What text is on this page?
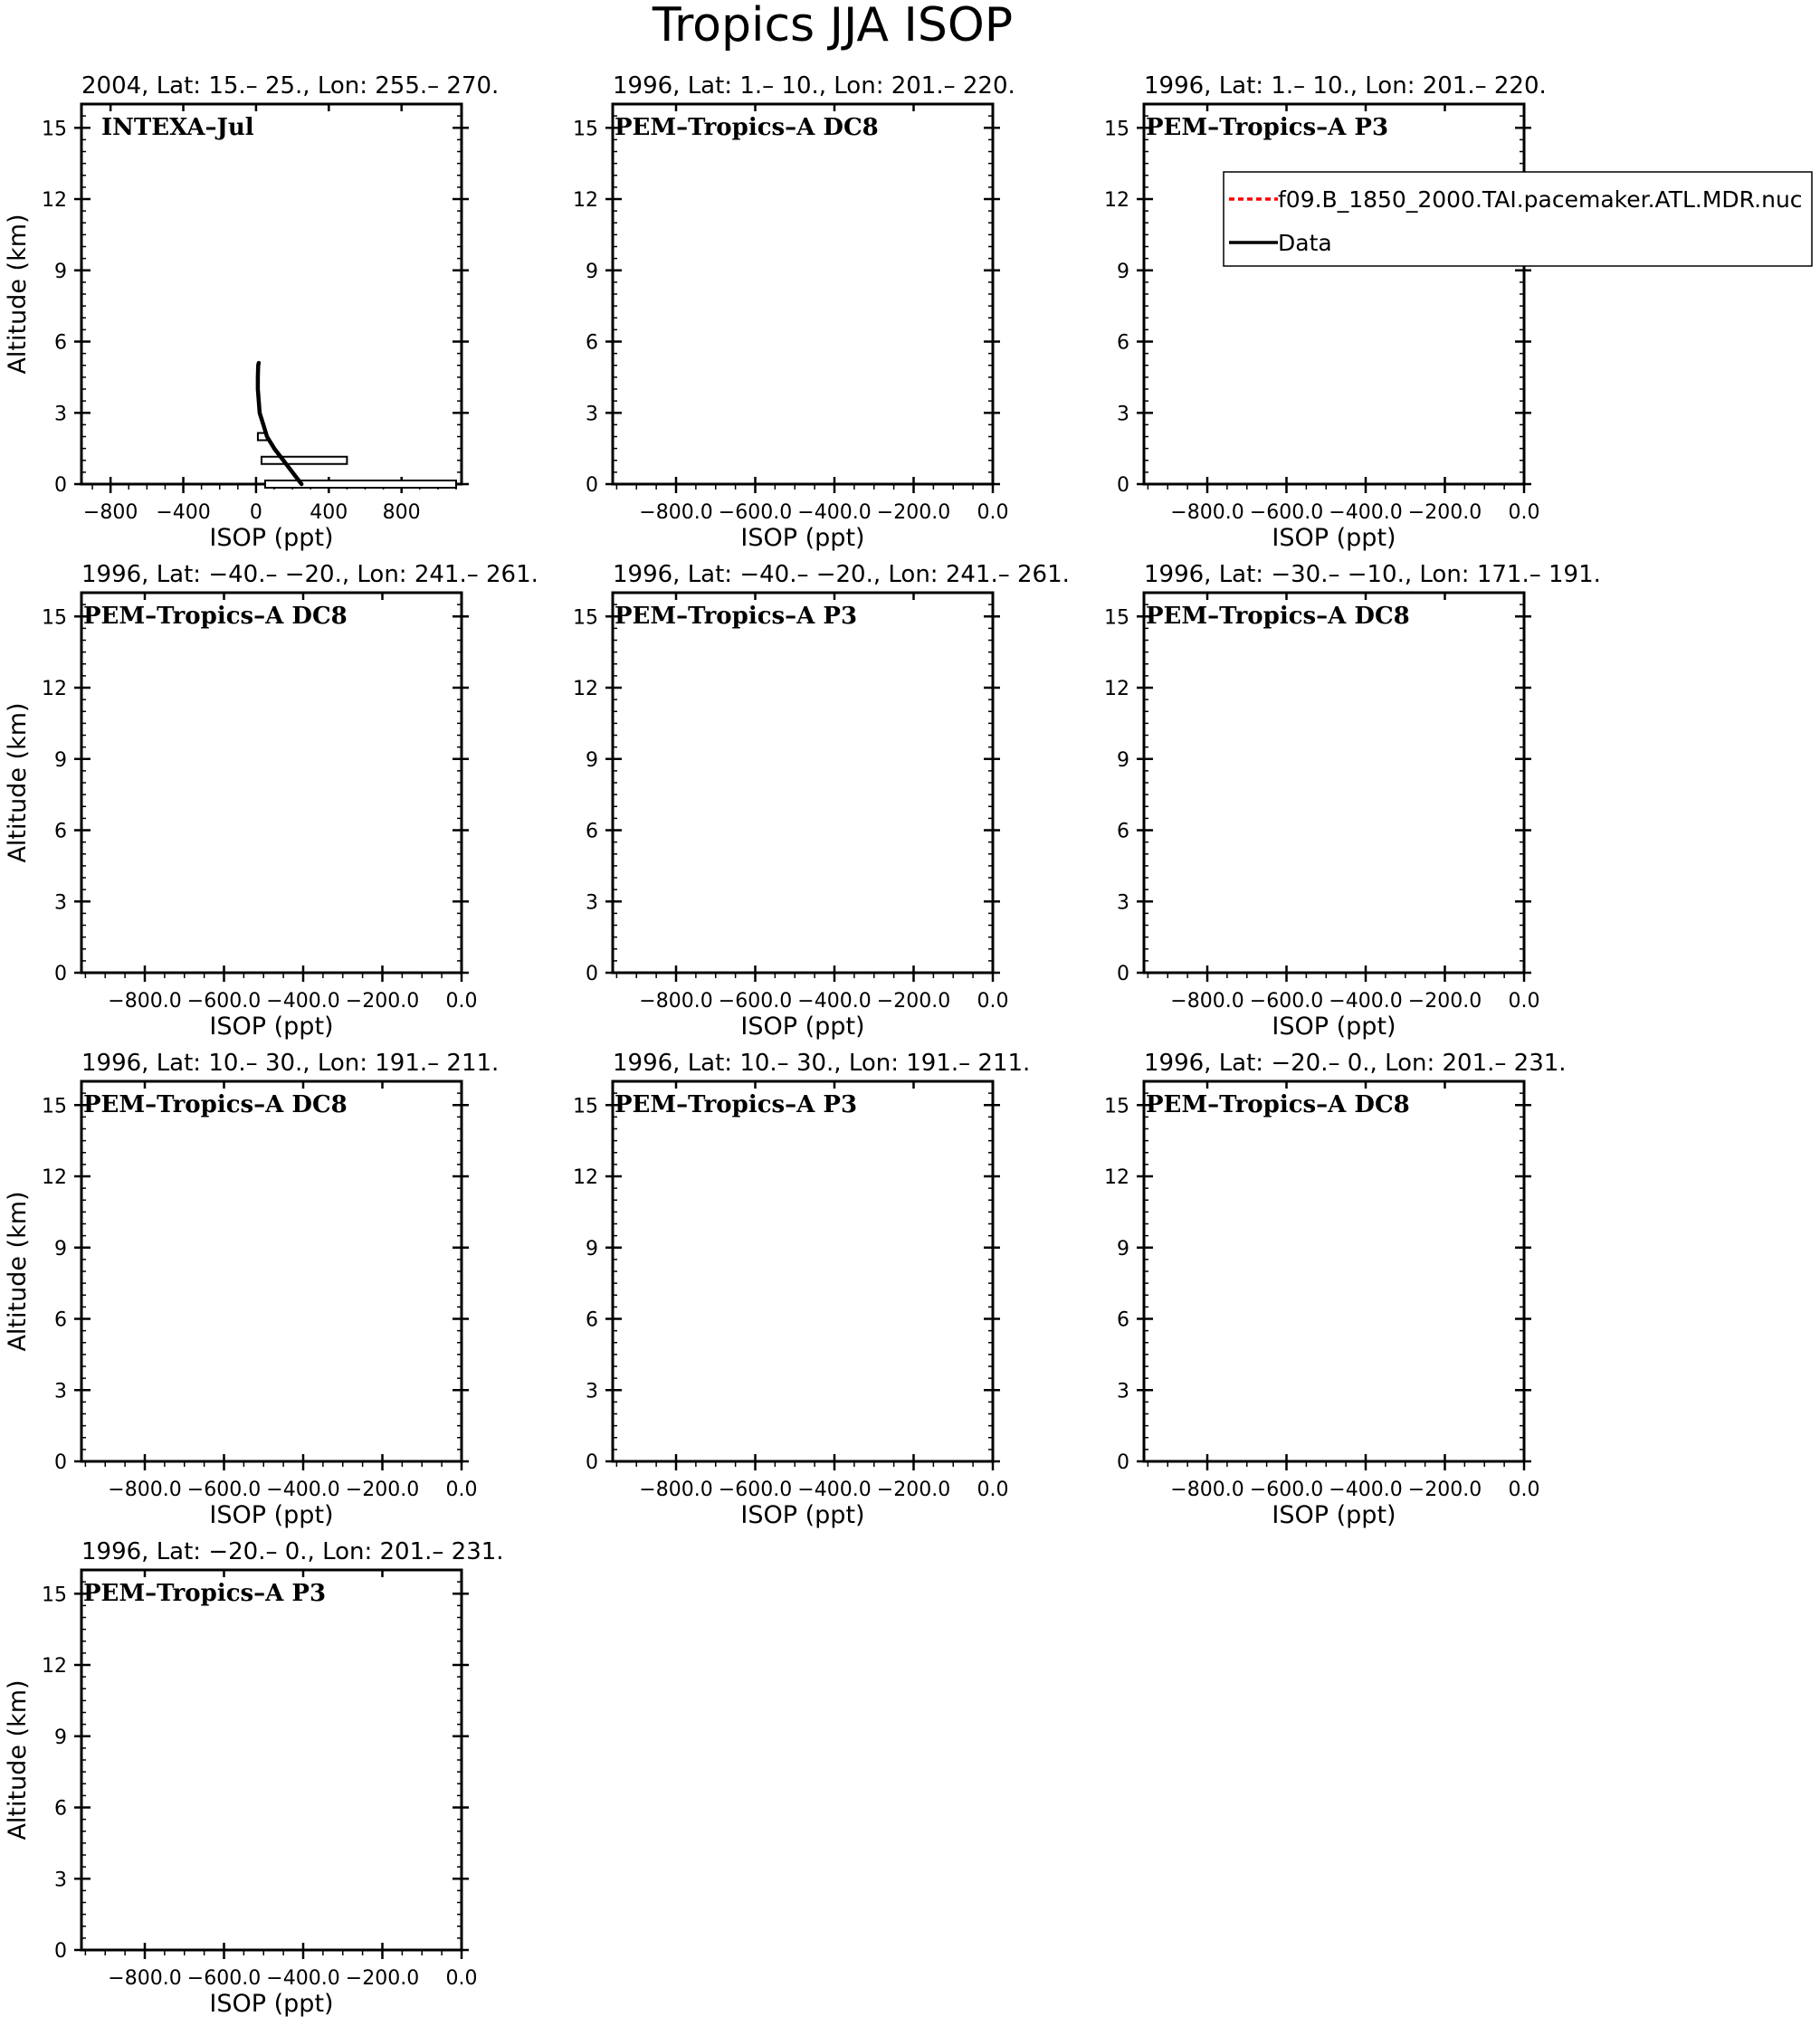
Tropics JJA ISOP
2004, Lat: 15.– 25., Lon: 255.– 270.
0
3
6
9
12
15
−800 −400 0 400 800
ISOP (ppt)
Altitude (km)
INTEXA–Jul
1996, Lat: 1.– 10., Lon: 201.– 220.
0
3
6
9
12
15
−800.0 −600.0 −400.0 −200.0 0.0
ISOP (ppt)
PEM–Tropics–A DC8
1996, Lat: 1.– 10., Lon: 201.– 220.
0
3
6
9
12
15
−800.0 −600.0 −400.0 −200.0 0.0
ISOP (ppt)
PEM–Tropics–A P3
1996, Lat: −40.– −20., Lon: 241.– 261.
0
3
6
9
12
15
−800.0 −600.0 −400.0 −200.0 0.0
ISOP (ppt)
Altitude (km)
PEM–Tropics–A DC8
1996, Lat: −40.– −20., Lon: 241.– 261.
0
3
6
9
12
15
−800.0 −600.0 −400.0 −200.0 0.0
ISOP (ppt)
PEM–Tropics–A P3
1996, Lat: −30.– −10., Lon: 171.– 191.
0
3
6
9
12
15
−800.0 −600.0 −400.0 −200.0 0.0
ISOP (ppt)
PEM–Tropics–A DC8
1996, Lat: 10.– 30., Lon: 191.– 211.
0
3
6
9
12
15
−800.0 −600.0 −400.0 −200.0 0.0
ISOP (ppt)
Altitude (km)
PEM–Tropics–A DC8
1996, Lat: 10.– 30., Lon: 191.– 211.
0
3
6
9
12
15
−800.0 −600.0 −400.0 −200.0 0.0
ISOP (ppt)
PEM–Tropics–A P3
1996, Lat: −20.– 0., Lon: 201.– 231.
0
3
6
9
12
15
−800.0 −600.0 −400.0 −200.0 0.0
ISOP (ppt)
PEM–Tropics–A DC8
1996, Lat: −20.– 0., Lon: 201.– 231.
0
3
6
9
12
15
−800.0 −600.0 −400.0 −200.0 0.0
ISOP (ppt)
Altitude (km)
PEM–Tropics–A P3
f09.B_1850_2000.TAI.pacemaker.ATL.MDR.nuc
Data
